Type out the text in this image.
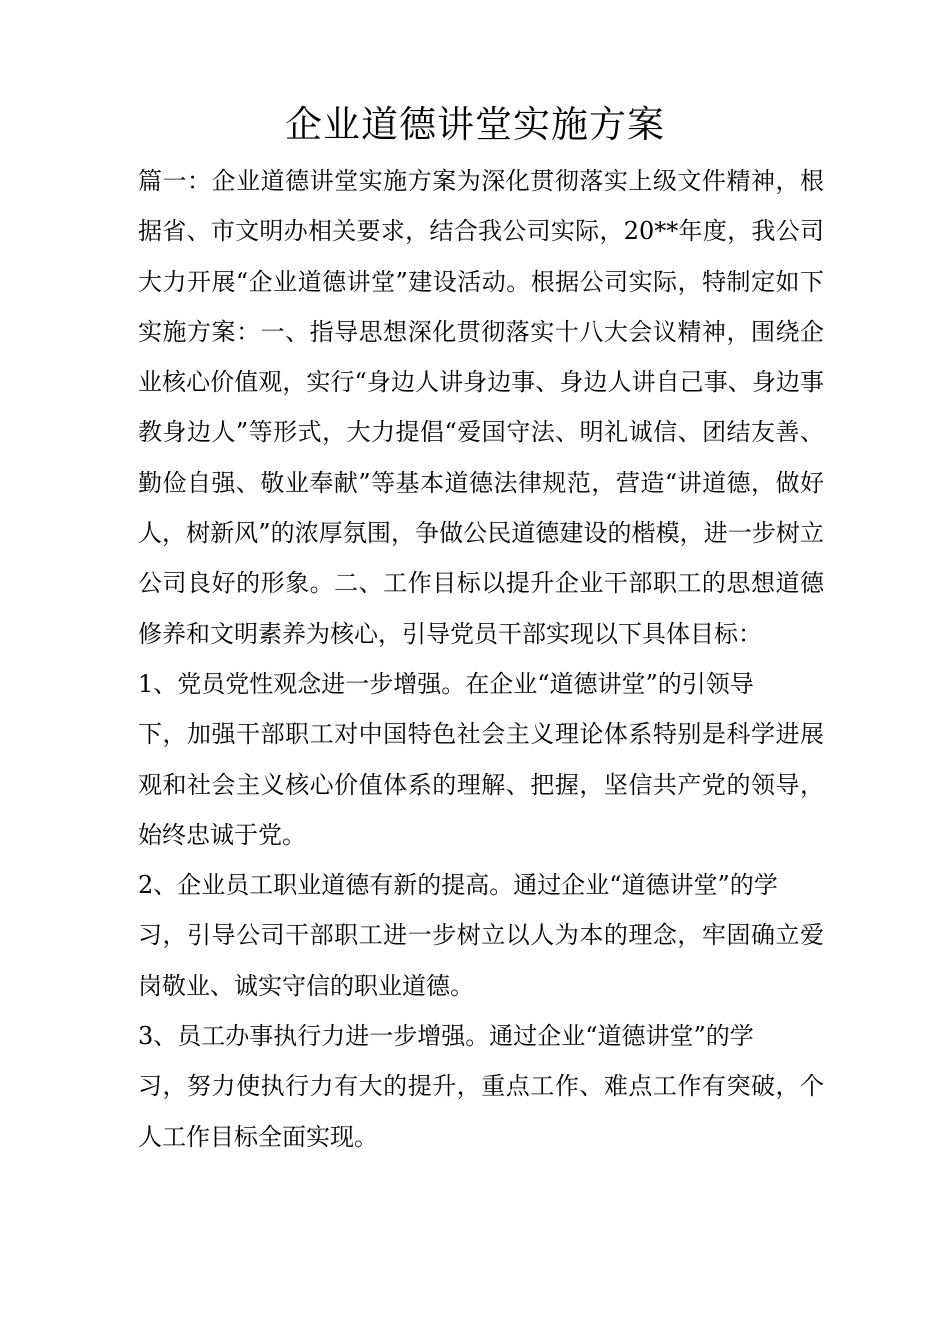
企业道德讲堂实施方案

篇一：企业道德讲堂实施方案为深化贯彻落实上级文件精神，根据省、市文明办相关要求，结合我公司实际，20**年度，我公司大力开展“企业道德讲堂”建设活动。根据公司实际，特制定如下实施方案：一、指导思想深化贯彻落实十八大会议精神，围绕企业核心价值观，实行“身边人讲身边事、身边人讲自己事、身边事教身边人”等形式，大力提倡“爱国守法、明礼诚信、团结友善、勤俭自强、敬业奉献”等基本道德法律规范，营造“讲道德，做好人，树新风”的浓厚氛围，争做公民道德建设的楷模，进一步树立公司良好的形象。二、工作目标以提升企业干部职工的思想道德修养和文明素养为核心，引导党员干部实现以下具体目标：

1、党员党性观念进一步增强。在企业“道德讲堂”的引领导

下，加强干部职工对中国特色社会主义理论体系特别是科学进展观和社会主义核心价值体系的理解、把握，坚信共产党的领导，始终忠诚于党。

2、企业员工职业道德有新的提高。通过企业“道德讲堂”的学

习，引导公司干部职工进一步树立以人为本的理念，牢固确立爱岗敬业、诚实守信的职业道德。

3、员工办事执行力进一步增强。通过企业“道德讲堂”的学

习，努力使执行力有大的提升，重点工作、难点工作有突破，个人工作目标全面实现。
